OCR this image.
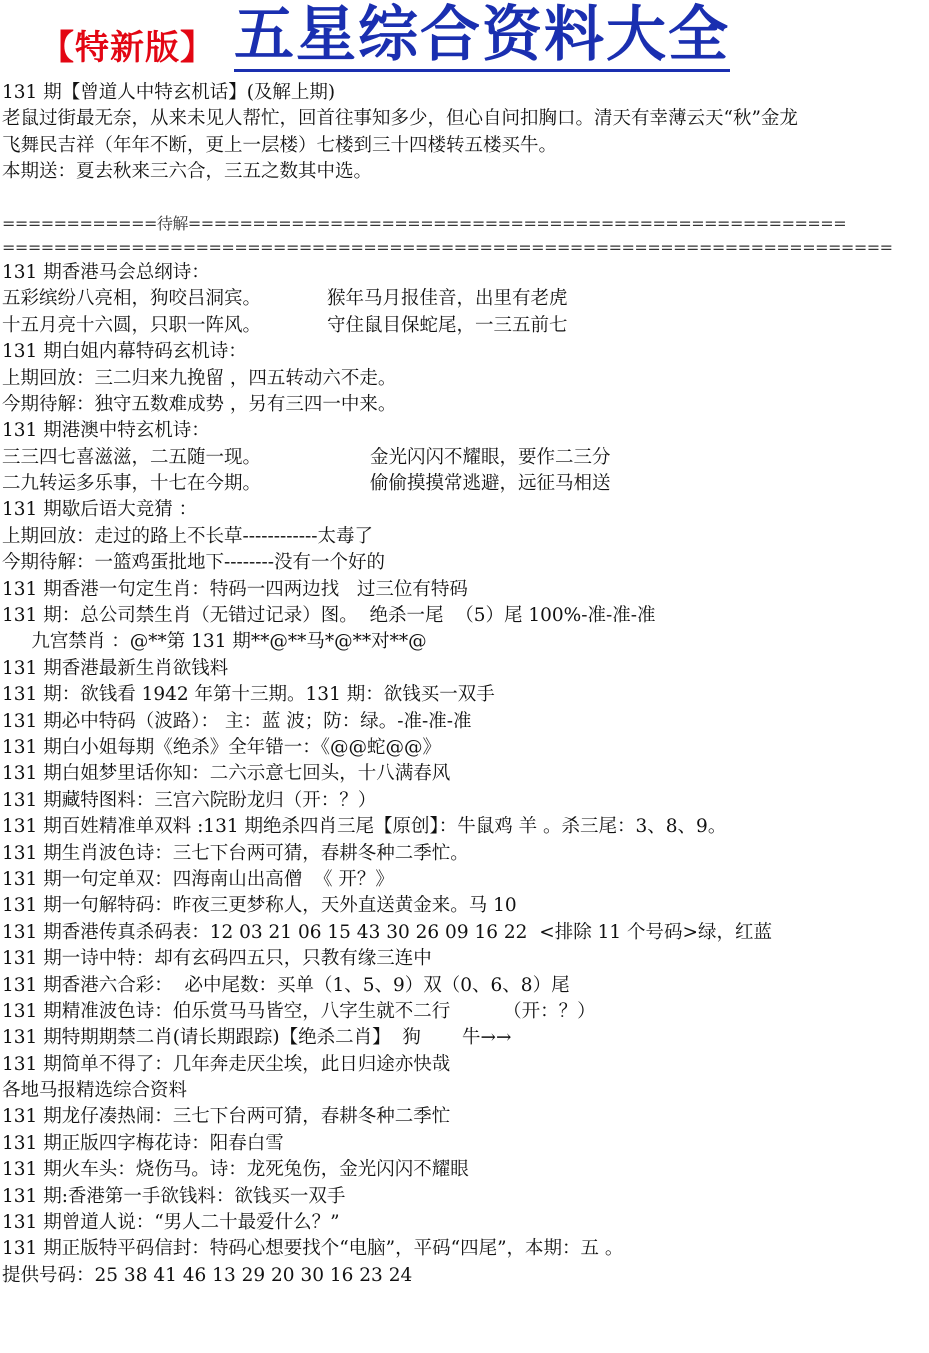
【特新版】 五星综合资料大全
131 期【曾道人中特玄机话】(及解上期)
老鼠过街最无奈，从来未见人帮忙，回首往事知多少，但心自问扣胸口。清天有幸薄云天“秋”金龙
飞舞民吉祥（年年不断，更上一层楼）七楼到三十四楼转五楼买牛。
本期送：夏去秋来三六合，三五之数其中选。
============待解===================================================
=====================================================================
131 期香港马会总纲诗：
五彩缤纷八亮相，狗咬吕洞宾。	猴年马月报佳音，出里有老虎
十五月亮十六圆，只职一阵风。	守住鼠目保蛇尾，一三五前七
131 期白姐内幕特码玄机诗：
上期回放：三二归来九挽留 ，四五转动六不走。
今期待解：独守五数难成势 ，另有三四一中来。
131 期港澳中特玄机诗：
三三四七喜滋滋，二五随一现。	金光闪闪不耀眼，要作二三分
二九转运多乐事，十七在今期。	偷偷摸摸常逃避，远征马相送
131 期歇后语大竞猜 ：
上期回放：走过的路上不长草------------太毒了
今期待解：一篮鸡蛋批地下--------没有一个好的
131 期香港一句定生肖：特码一四两边找   过三位有特码
131 期：总公司禁生肖（无错过记录）图。  绝杀一尾  （5）尾 100%-准-准-准
九宫禁肖 ：@**第 131 期**@**马*@**对**@
131 期香港最新生肖欲钱料
131 期：欲钱看 1942 年第十三期。131 期：欲钱买一双手
131 期必中特码（波路）： 主：蓝 波；防：绿。-准-准-准
131 期白小姐每期《绝杀》全年错一：《@@蛇@@》
131 期白姐梦里话你知：二六示意七回头，十八满春风
131 期藏特图料：三宫六院盼龙归（开：？）
131 期百姓精准单双料 :131 期绝杀四肖三尾【原创】：牛鼠鸡 羊 。杀三尾：3、8、9。
131 期生肖波色诗：三七下台两可猜，春耕冬种二季忙。
131 期一句定单双：四海南山出高僧  《 开？》
131 期一句解特码：昨夜三更梦称人，天外直送黄金来。马 10
131 期香港传真杀码表：12 03 21 06 15 43 30 26 09 16 22  <排除 11 个号码>绿，红蓝
131 期一诗中特：却有玄码四五只，只教有缘三连中
131 期香港六合彩：  必中尾数：买单（1、5、9）双（0、6、8）尾
131 期精准波色诗：伯乐赏马马皆空，八字生就不二行         （开：？）
131 期特期期禁二肖(请长期跟踪)【绝杀二肖】  狗       牛→→
131 期简单不得了：几年奔走厌尘埃，此日归途亦快哉
各地马报精选综合资料
131 期龙仔凑热闹：三七下台两可猜，春耕冬种二季忙
131 期正版四字梅花诗：阳春白雪
131 期火车头：烧伤马。诗：龙死兔伤，金光闪闪不耀眼
131 期:香港第一手欲钱料：欲钱买一双手
131 期曾道人说：“男人二十最爱什么？”
131 期正版特平码信封：特码心想要找个“电脑”，平码“四尾”，本期：五 。
提供号码：25 38 41 46 13 29 20 30 16 23 24
